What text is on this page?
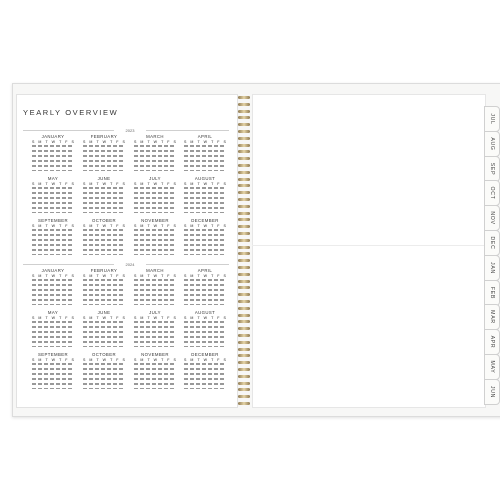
YEARLY OVERVIEW
2023
JANUARY
S M T W T F S
FEBRUARY
S M T W T F S
MARCH
S M T W T F S
APRIL
S M T W T F S
MAY
S M T W T F S
JUNE
S M T W T F S
JULY
S M T W T F S
AUGUST
S M T W T F S
SEPTEMBER
S M T W T F S
OCTOBER
S M T W T F S
NOVEMBER
S M T W T F S
DECEMBER
S M T W T F S
2024
JANUARY
S M T W T F S
FEBRUARY
S M T W T F S
MARCH
S M T W T F S
APRIL
S M T W T F S
MAY
S M T W T F S
JUNE
S M T W T F S
JULY
S M T W T F S
AUGUST
S M T W T F S
SEPTEMBER
S M T W T F S
OCTOBER
S M T W T F S
NOVEMBER
S M T W T F S
DECEMBER
S M T W T F S
JUL
AUG
SEP
OCT
NOV
DEC
JAN
FEB
MAR
APR
MAY
JUN
